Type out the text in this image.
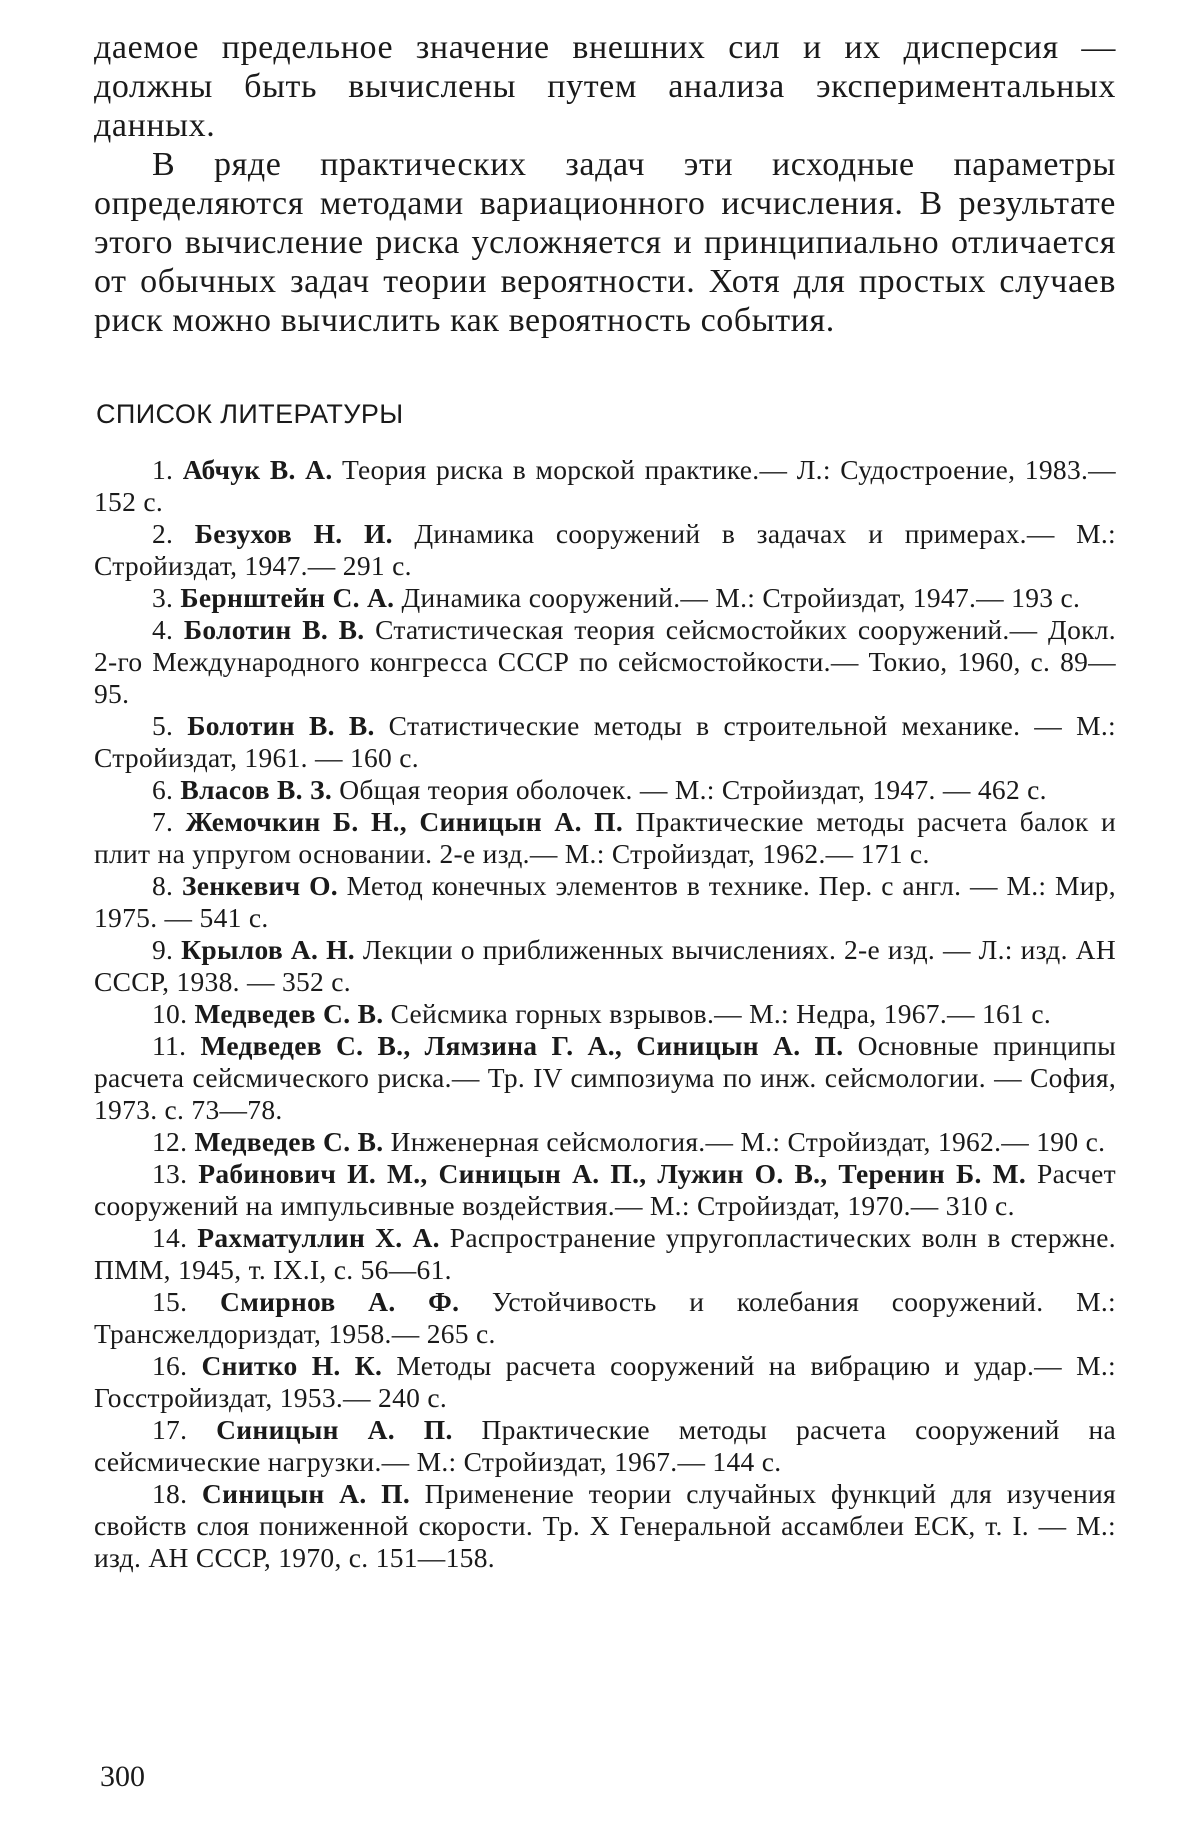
даемое предельное значение внешних сил и их дисперсия — должны быть вычислены путем анализа экспериментальных данных.

В ряде практических задач эти исходные параметры определяются методами вариационного исчисления. В результате этого вычисление риска усложняется и принципиально отличается от обычных задач теории вероятности. Хотя для простых случаев риск можно вычислить как вероятность события.

СПИСОК ЛИТЕРАТУРЫ
1. Абчук В. А. Теория риска в морской практике.— Л.: Судостроение, 1983.— 152 с.
2. Безухов Н. И. Динамика сооружений в задачах и примерах.— М.: Стройиздат, 1947.— 291 с.
3. Бернштейн С. А. Динамика сооружений.— М.: Стройиздат, 1947.— 193 с.
4. Болотин В. В. Статистическая теория сейсмостойких сооружений.— Докл. 2-го Международного конгресса СССР по сейсмостойкости.— Токио, 1960, с. 89—95.
5. Болотин В. В. Статистические методы в строительной механике. — М.: Стройиздат, 1961. — 160 с.
6. Власов В. З. Общая теория оболочек. — М.: Стройиздат, 1947. — 462 с.
7. Жемочкин Б. Н., Синицын А. П. Практические методы расчета балок и плит на упругом основании. 2-е изд.— М.: Стройиздат, 1962.— 171 с.
8. Зенкевич О. Метод конечных элементов в технике. Пер. с англ. — М.: Мир, 1975. — 541 с.
9. Крылов А. Н. Лекции о приближенных вычислениях. 2-е изд. — Л.: изд. АН СССР, 1938. — 352 с.
10. Медведев С. В. Сейсмика горных взрывов.— М.: Недра, 1967.— 161 с.
11. Медведев С. В., Лямзина Г. А., Синицын А. П. Основные принципы расчета сейсмического риска.— Тр. IV симпозиума по инж. сейсмологии. — София, 1973. с. 73—78.
12. Медведев С. В. Инженерная сейсмология.— М.: Стройиздат, 1962.— 190 с.
13. Рабинович И. М., Синицын А. П., Лужин О. В., Теренин Б. М. Расчет сооружений на импульсивные воздействия.— М.: Стройиздат, 1970.— 310 с.
14. Рахматуллин Х. А. Распространение упругопластических волн в стержне. ПММ, 1945, т. IX.I, с. 56—61.
15. Смирнов А. Ф. Устойчивость и колебания сооружений. М.: Трансжелдориздат, 1958.— 265 с.
16. Снитко Н. К. Методы расчета сооружений на вибрацию и удар.— М.: Госстройиздат, 1953.— 240 с.
17. Синицын А. П. Практические методы расчета сооружений на сейсмические нагрузки.— М.: Стройиздат, 1967.— 144 с.
18. Синицын А. П. Применение теории случайных функций для изучения свойств слоя пониженной скорости. Тр. Х Генеральной ассамблеи ЕСК, т. I. — М.: изд. АН СССР, 1970, с. 151—158.
300
